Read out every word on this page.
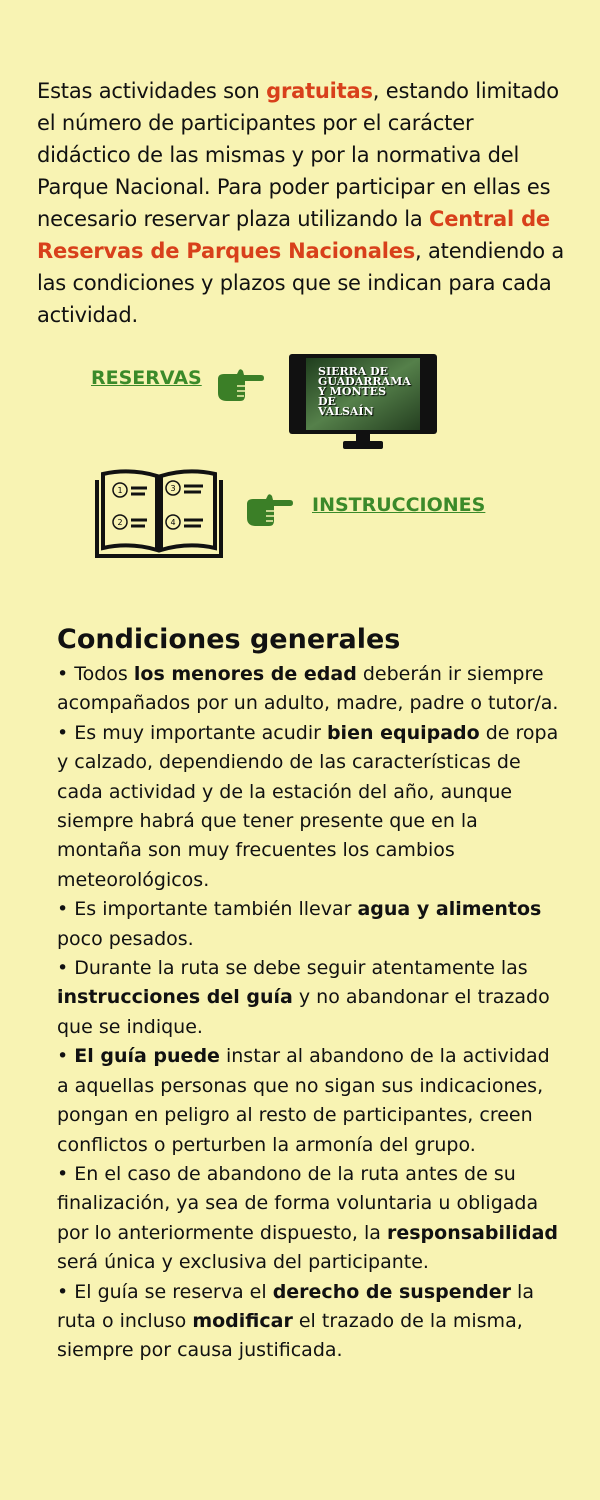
Estas actividades son gratuitas, estando limitado el número de participantes por el carácter didáctico de las mismas y por la normativa del Parque Nacional. Para poder participar en ellas es necesario reservar plaza utilizando la Central de Reservas de Parques Nacionales, atendiendo a las condiciones y plazos que se indican para cada actividad.

RESERVAS	SIERRA DE
GUADARRAMA
Y MONTES
DE
VALSAÍN
1
2
3
4
INSTRUCCIONES
Condiciones generales

• Todos los menores de edad deberán ir siempre acompañados por un adulto, madre, padre o tutor/a.

• Es muy importante acudir bien equipado de ropa y calzado, dependiendo de las características de cada actividad y de la estación del año, aunque siempre habrá que tener presente que en la montaña son muy frecuentes los cambios meteorológicos.

• Es importante también llevar agua y alimentos poco pesados.

• Durante la ruta se debe seguir atentamente las instrucciones del guía y no abandonar el trazado que se indique.

• El guía puede instar al abandono de la actividad a aquellas personas que no sigan sus indicaciones, pongan en peligro al resto de participantes, creen conflictos o perturben la armonía del grupo.

• En el caso de abandono de la ruta antes de su finalización, ya sea de forma voluntaria u obligada por lo anteriormente dispuesto, la responsabilidad será única y exclusiva del participante.

• El guía se reserva el derecho de suspender la ruta o incluso modificar el trazado de la misma, siempre por causa justificada.
